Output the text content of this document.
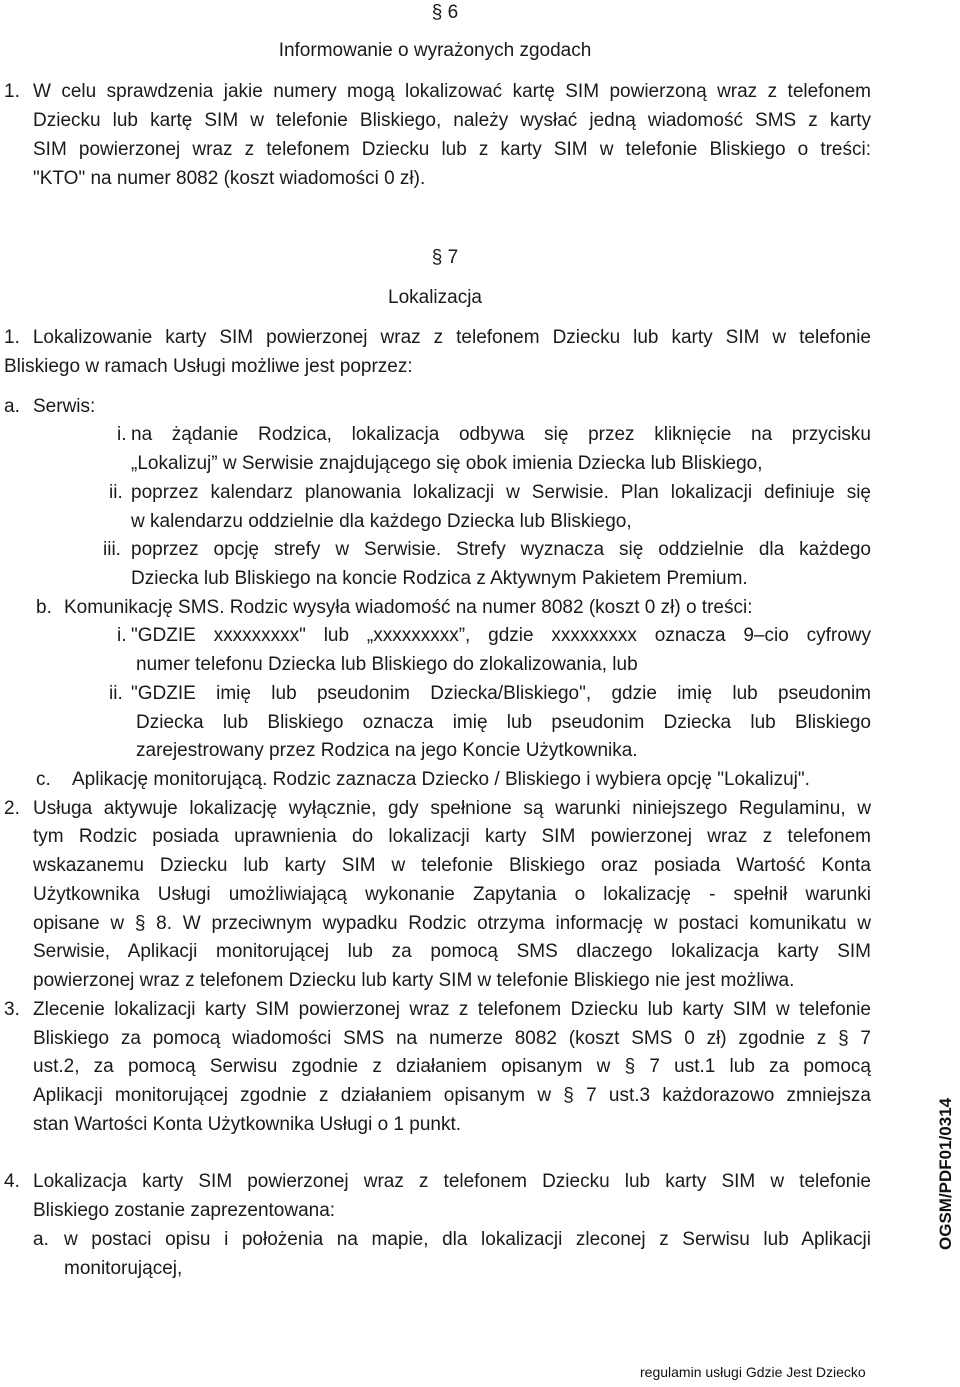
§ 6
Informowanie o wyrażonych zgodach
1. W celu sprawdzenia jakie numery mogą lokalizować kartę SIM powierzoną wraz z telefonem
Dziecku lub kartę SIM w telefonie Bliskiego, należy wysłać jedną wiadomość SMS z karty
SIM powierzonej wraz z telefonem Dziecku lub z karty SIM w telefonie Bliskiego o treści:
"KTO" na numer 8082 (koszt wiadomości 0 zł).
§ 7
Lokalizacja
1. Lokalizowanie karty SIM powierzonej wraz z telefonem Dziecku lub karty SIM w telefonie
Bliskiego w ramach Usługi możliwe jest poprzez:
a. Serwis:
i. na żądanie Rodzica, lokalizacja odbywa się przez kliknięcie na przycisku
„Lokalizuj” w Serwisie znajdującego się obok imienia Dziecka lub Bliskiego,
ii. poprzez kalendarz planowania lokalizacji w Serwisie. Plan lokalizacji definiuje się
w kalendarzu oddzielnie dla każdego Dziecka lub Bliskiego,
iii. poprzez opcję strefy w Serwisie. Strefy wyznacza się oddzielnie dla każdego
Dziecka lub Bliskiego na koncie Rodzica z Aktywnym Pakietem Premium.
b. Komunikację SMS. Rodzic wysyła wiadomość na numer 8082 (koszt 0 zł) o treści:
i. "GDZIE xxxxxxxxx" lub „xxxxxxxxx”, gdzie xxxxxxxxx oznacza 9–cio cyfrowy
numer telefonu Dziecka lub Bliskiego do zlokalizowania, lub
ii. "GDZIE imię lub pseudonim Dziecka/Bliskiego", gdzie imię lub pseudonim
Dziecka lub Bliskiego oznacza imię lub pseudonim Dziecka lub Bliskiego
zarejestrowany przez Rodzica na jego Koncie Użytkownika.
c. Aplikację monitorującą. Rodzic zaznacza Dziecko / Bliskiego i wybiera opcję "Lokalizuj".
2. Usługa aktywuje lokalizację wyłącznie, gdy spełnione są warunki niniejszego Regulaminu, w
tym Rodzic posiada uprawnienia do lokalizacji karty SIM powierzonej wraz z telefonem
wskazanemu Dziecku lub karty SIM w telefonie Bliskiego oraz posiada Wartość Konta
Użytkownika Usługi umożliwiającą wykonanie Zapytania o lokalizację - spełnił warunki
opisane w § 8. W przeciwnym wypadku Rodzic otrzyma informację w postaci komunikatu w
Serwisie, Aplikacji monitorującej lub za pomocą SMS dlaczego lokalizacja karty SIM
powierzonej wraz z telefonem Dziecku lub karty SIM w telefonie Bliskiego nie jest możliwa.
3. Zlecenie lokalizacji karty SIM powierzonej wraz z telefonem Dziecku lub karty SIM w telefonie
Bliskiego za pomocą wiadomości SMS na numerze 8082 (koszt SMS 0 zł) zgodnie z § 7
ust.2, za pomocą Serwisu zgodnie z działaniem opisanym w § 7 ust.1 lub za pomocą
Aplikacji monitorującej zgodnie z działaniem opisanym w § 7 ust.3 każdorazowo zmniejsza
stan Wartości Konta Użytkownika Usługi o 1 punkt.
4. Lokalizacja karty SIM powierzonej wraz z telefonem Dziecku lub karty SIM w telefonie
Bliskiego zostanie zaprezentowana:
a. w postaci opisu i położenia na mapie, dla lokalizacji zleconej z Serwisu lub Aplikacji
monitorującej,
OGSM/PDF01/0314
regulamin usługi Gdzie Jest Dziecko
